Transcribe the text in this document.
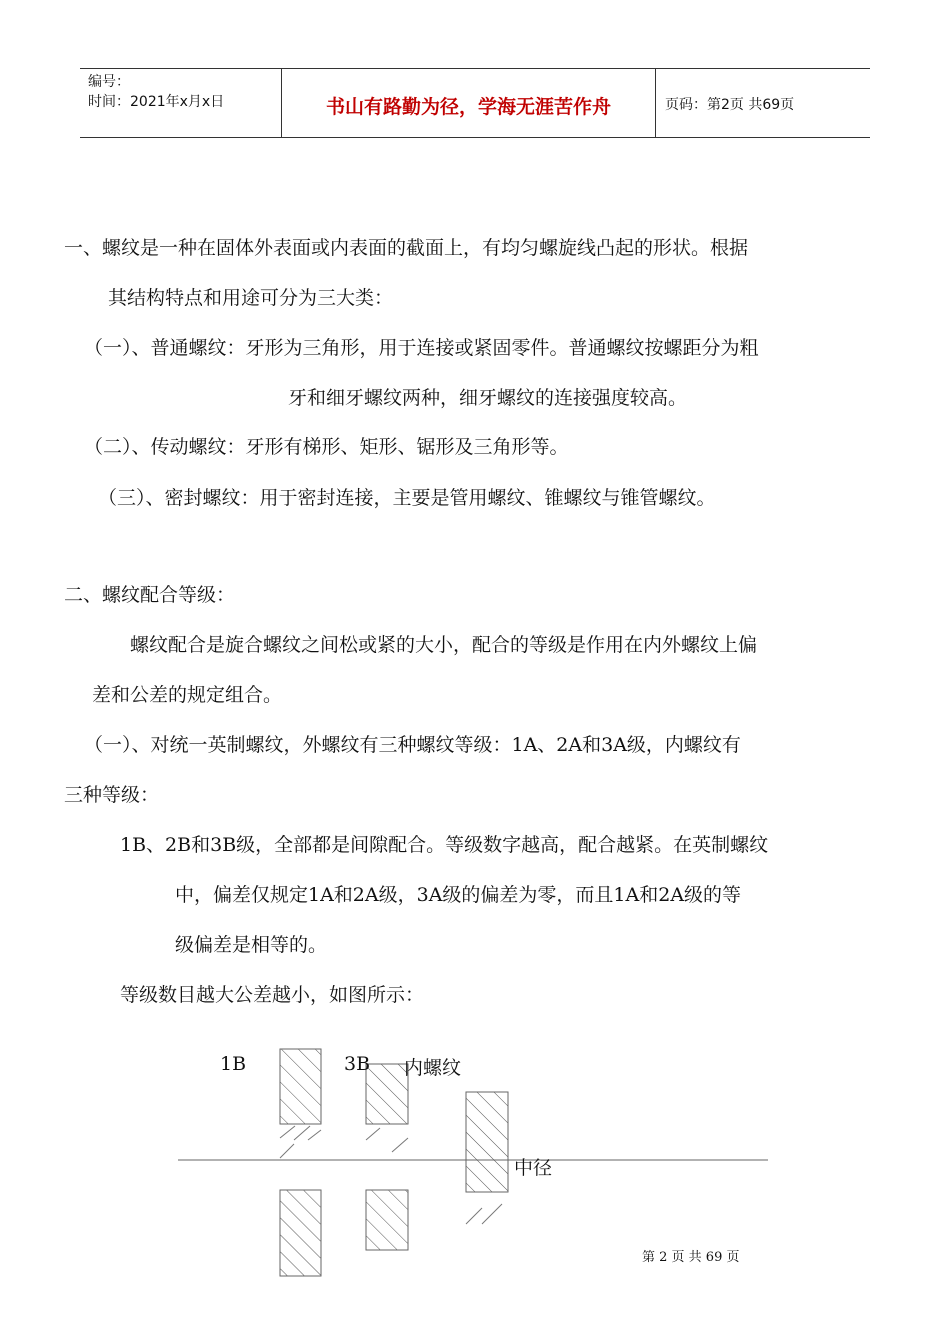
编号：
时间：2021年x月x日	书山有路勤为径，学海无涯苦作舟	页码：第2页 共69页
一、螺纹是一种在固体外表面或内表面的截面上，有均匀螺旋线凸起的形状。根据
其结构特点和用途可分为三大类：
（一）、普通螺纹：牙形为三角形，用于连接或紧固零件。普通螺纹按螺距分为粗
牙和细牙螺纹两种，细牙螺纹的连接强度较高。
（二）、传动螺纹：牙形有梯形、矩形、锯形及三角形等。
（三）、密封螺纹：用于密封连接，主要是管用螺纹、锥螺纹与锥管螺纹。
二、螺纹配合等级：
螺纹配合是旋合螺纹之间松或紧的大小，配合的等级是作用在内外螺纹上偏
差和公差的规定组合。
（一）、对统一英制螺纹，外螺纹有三种螺纹等级：1A、2A和3A级，内螺纹有
三种等级：
1B、2B和3B级，全部都是间隙配合。等级数字越高，配合越紧。在英制螺纹
中，偏差仅规定1A和2A级，3A级的偏差为零，而且1A和2A级的等
级偏差是相等的。
等级数目越大公差越小，如图所示：
1B	3B 内螺纹
中径
第 2 页 共 69 页
